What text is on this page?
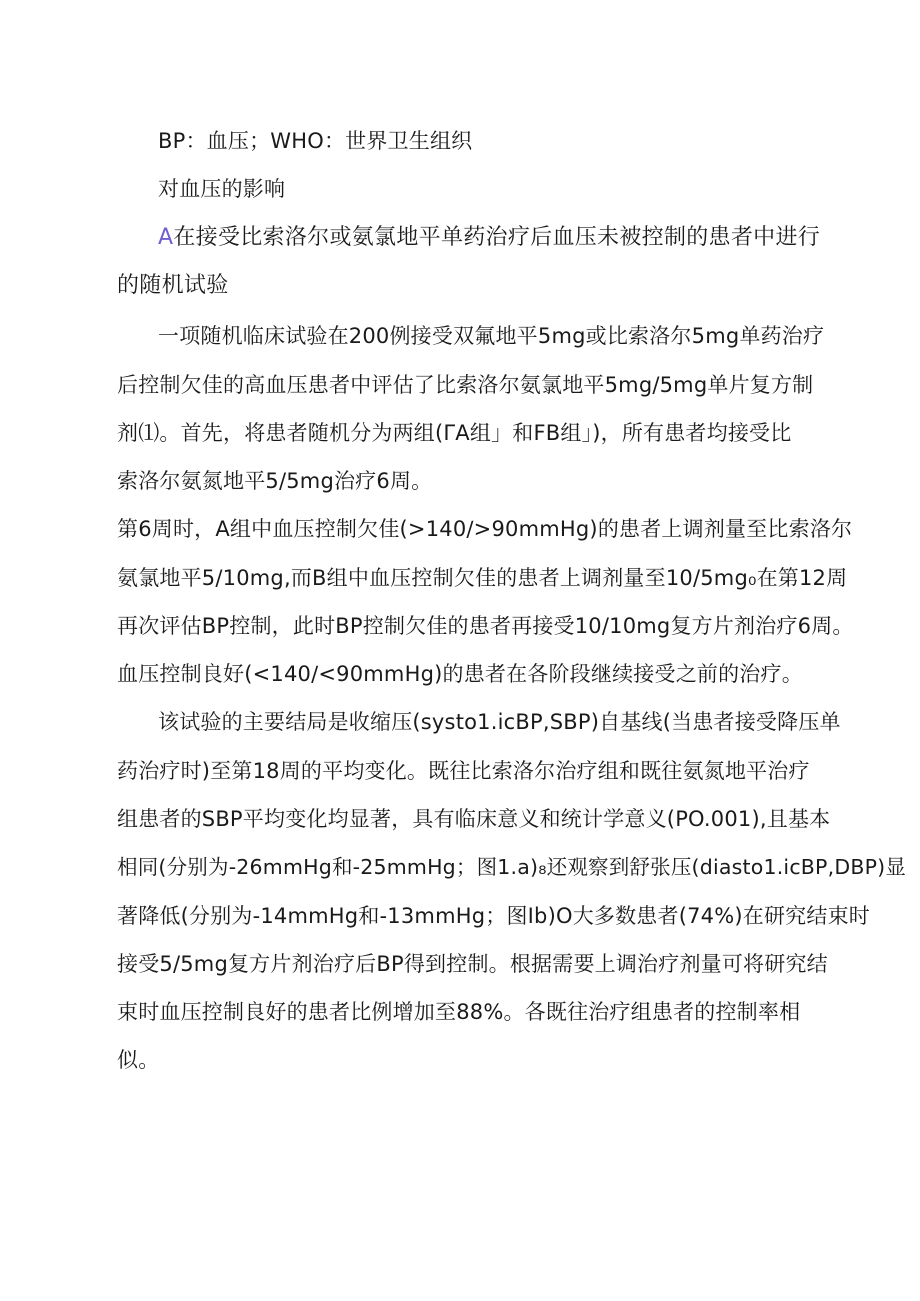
BP：血压；WHO：世界卫生组织

对血压的影响

A在接受比索洛尔或氨氯地平单药治疗后血压未被控制的患者中进行

的随机试验

一项随机临床试验在200例接受双氟地平5mg或比索洛尔5mg单药治疗

后控制欠佳的高血压患者中评估了比索洛尔氨氯地平5mg/5mg单片复方制

剂⑴。首先，将患者随机分为两组(ΓA组」和FB组」)，所有患者均接受比

索洛尔氨氮地平5/5mg治疗6周。

第6周时，A组中血压控制欠佳(>140∕>90mmHg)的患者上调剂量至比索洛尔

氨氯地平5/10mg,而B组中血压控制欠佳的患者上调剂量至10/5mg₀在第12周

再次评估BP控制，此时BP控制欠佳的患者再接受10/10mg复方片剂治疗6周。

血压控制良好(<140∕<90mmHg)的患者在各阶段继续接受之前的治疗。

该试验的主要结局是收缩压(systo1.icBP,SBP)自基线(当患者接受降压单

药治疗时)至第18周的平均变化。既往比索洛尔治疗组和既往氨氮地平治疗

组患者的SBP平均变化均显著，具有临床意义和统计学意义(PO.001),且基本

相同(分别为-26mmHg和-25mmHg；图1.a)₈还观察到舒张压(diasto1.icBP,DBP)显

著降低(分别为-14mmHg和-13mmHg；图Ib)O大多数患者(74%)在研究结束时

接受5/5mg复方片剂治疗后BP得到控制。根据需要上调治疗剂量可将研究结

束时血压控制良好的患者比例增加至88%。各既往治疗组患者的控制率相

似。
